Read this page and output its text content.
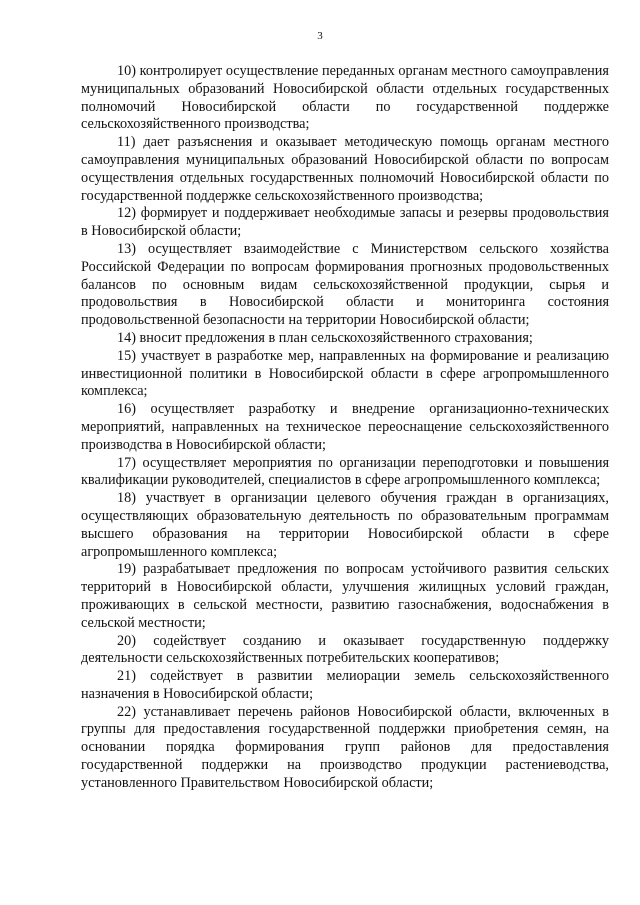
3

10) контролирует осуществление переданных органам местного самоуправления муниципальных образований Новосибирской области отдельных государственных полномочий Новосибирской области по государственной поддержке сельскохозяйственного производства;

11) дает разъяснения и оказывает методическую помощь органам местного самоуправления муниципальных образований Новосибирской области по вопросам осуществления отдельных государственных полномочий Новосибирской области по государственной поддержке сельскохозяйственного производства;

12) формирует и поддерживает необходимые запасы и резервы продовольствия в Новосибирской области;

13) осуществляет взаимодействие с Министерством сельского хозяйства Российской Федерации по вопросам формирования прогнозных продовольственных балансов по основным видам сельскохозяйственной продукции, сырья и продовольствия в Новосибирской области и мониторинга состояния продовольственной безопасности на территории Новосибирской области;

14) вносит предложения в план сельскохозяйственного страхования;

15) участвует в разработке мер, направленных на формирование и реализацию инвестиционной политики в Новосибирской области в сфере агропромышленного комплекса;

16) осуществляет разработку и внедрение организационно-технических мероприятий, направленных на техническое переоснащение сельскохозяйственного производства в Новосибирской области;

17) осуществляет мероприятия по организации переподготовки и повышения квалификации руководителей, специалистов в сфере агропромышленного комплекса;

18) участвует в организации целевого обучения граждан в организациях, осуществляющих образовательную деятельность по образовательным программам высшего образования на территории Новосибирской области в сфере агропромышленного комплекса;

19) разрабатывает предложения по вопросам устойчивого развития сельских территорий в Новосибирской области, улучшения жилищных условий граждан, проживающих в сельской местности, развитию газоснабжения, водоснабжения в сельской местности;

20) содействует созданию и оказывает государственную поддержку деятельности сельскохозяйственных потребительских кооперативов;

21) содействует в развитии мелиорации земель сельскохозяйственного назначения в Новосибирской области;

22) устанавливает перечень районов Новосибирской области, включенных в группы для предоставления государственной поддержки приобретения семян, на основании порядка формирования групп районов для предоставления государственной поддержки на производство продукции растениеводства, установленного Правительством Новосибирской области;
